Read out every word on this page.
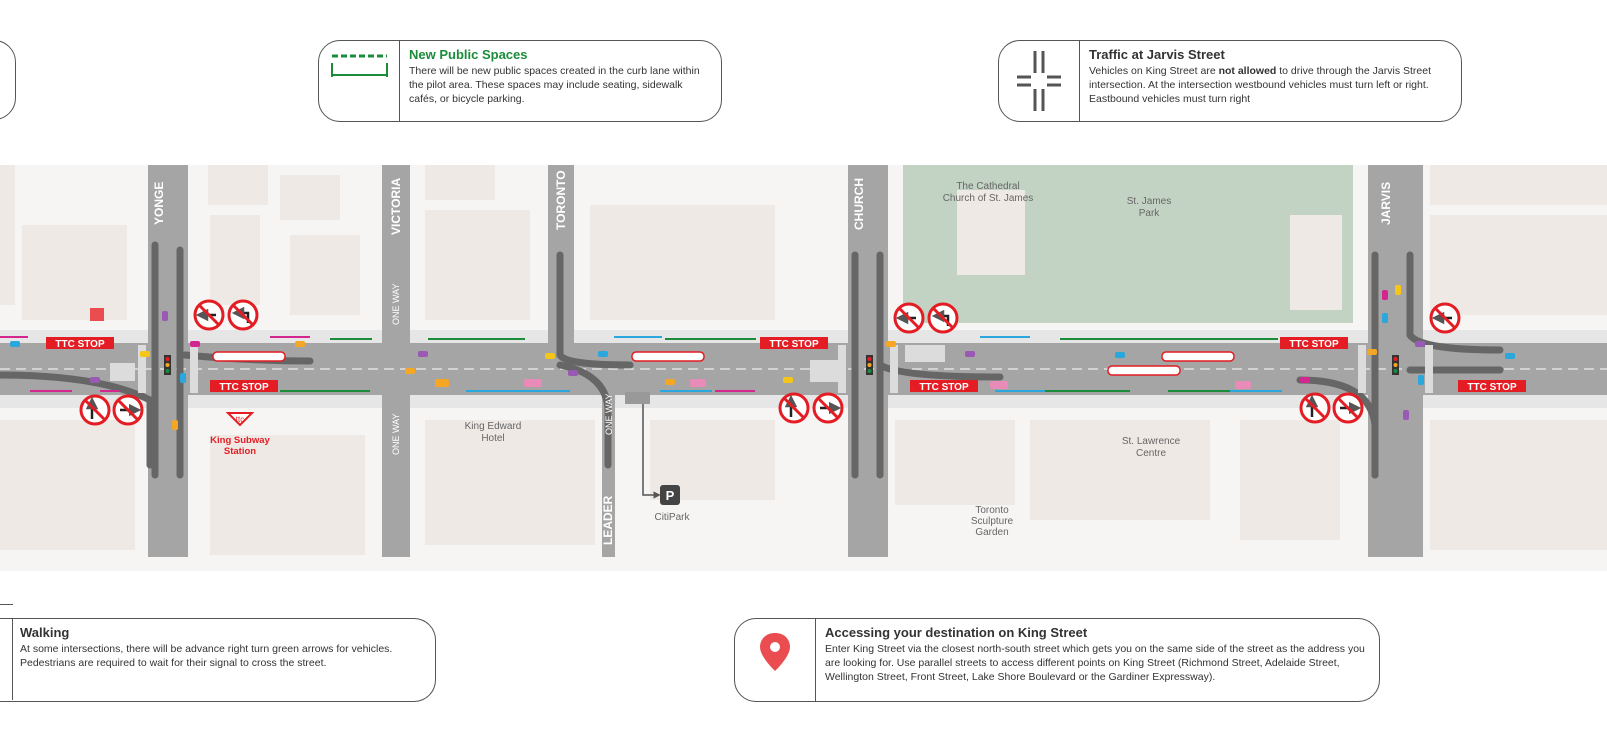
New Public Spaces
There will be new public spaces created in the curb lane within the pilot area. These spaces may include seating, sidewalk cafés, or bicycle parking.
Traffic at Jarvis Street
Vehicles on King Street are not allowed to drive through the Jarvis Street intersection. At the intersection westbound vehicles must turn left or right. Eastbound vehicles must turn right
Walking
At some intersections, there will be advance right turn green arrows for vehicles. Pedestrians are required to wait for their signal to cross the street.
Accessing your destination on King Street
Enter King Street via the closest north-south street which gets you on the same side of the street as the address you are looking for. Use parallel streets to access different points on King Street (Richmond Street, Adelaide Street, Wellington Street, Front Street, Lake Shore Boulevard or the Gardiner Expressway).
YONGE	VICTORIA	TORONTO	CHURCH	JARVIS
LEADER
ONE WAY
ONE WAY	ONE WAY
TTC STOP
TTC STOP
TTC STOP
TTC STOP
TTC STOP
TTC STOP
ttc
King Subway
Station
The Cathedral
Church of St. James	St. James
Park
King Edward
Hotel	St. Lawrence
Centre
Toronto
Sculpture
Garden
P
CitiPark
